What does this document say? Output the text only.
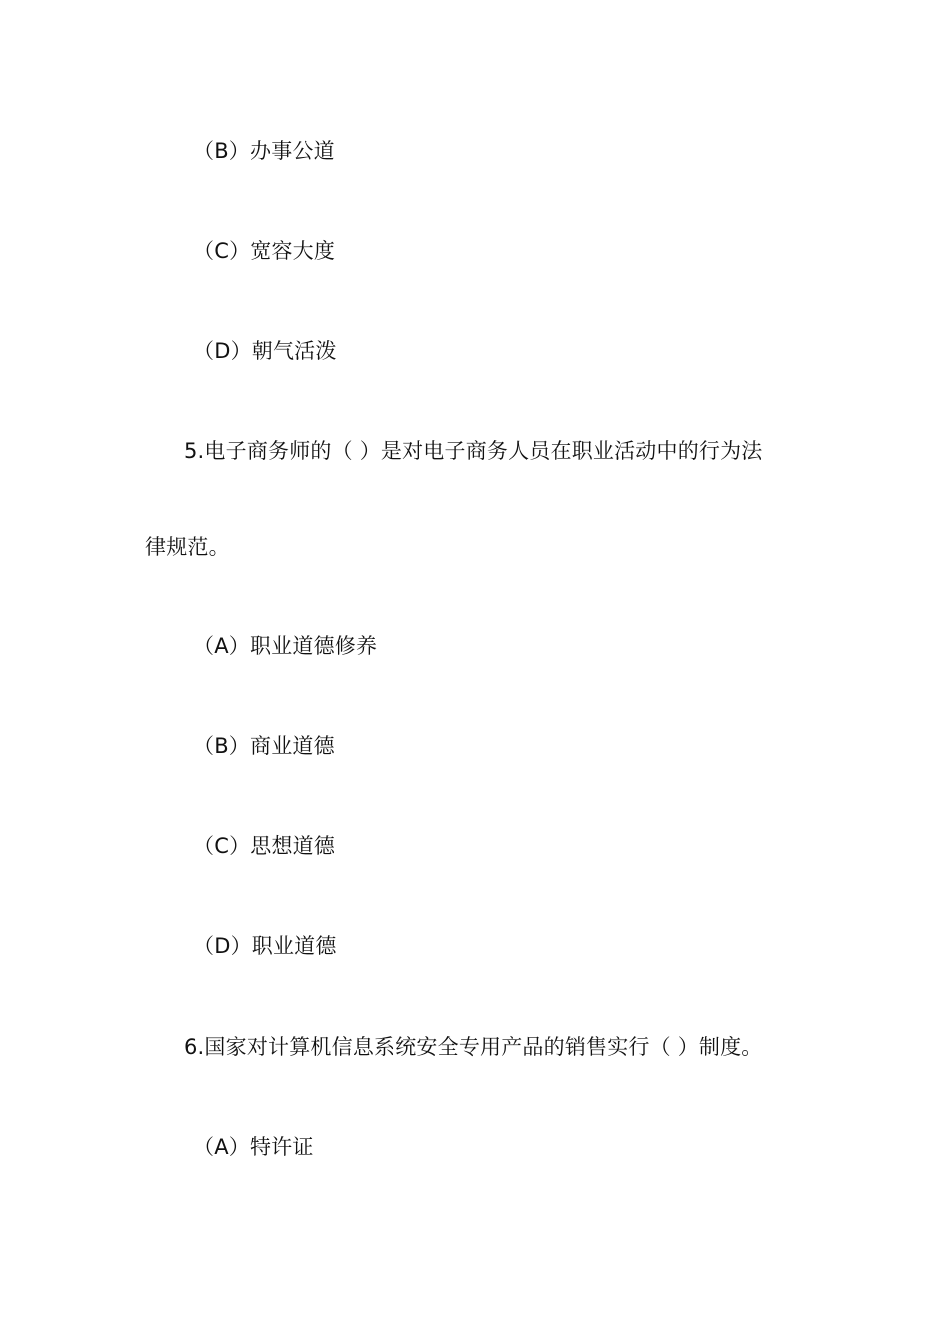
（B）办事公道
（C）宽容大度
（D）朝气活泼
5.电子商务师的（ ）是对电子商务人员在职业活动中的行为法
律规范。
（A）职业道德修养
（B）商业道德
（C）思想道德
（D）职业道德
6.国家对计算机信息系统安全专用产品的销售实行（ ）制度。
（A）特许证
